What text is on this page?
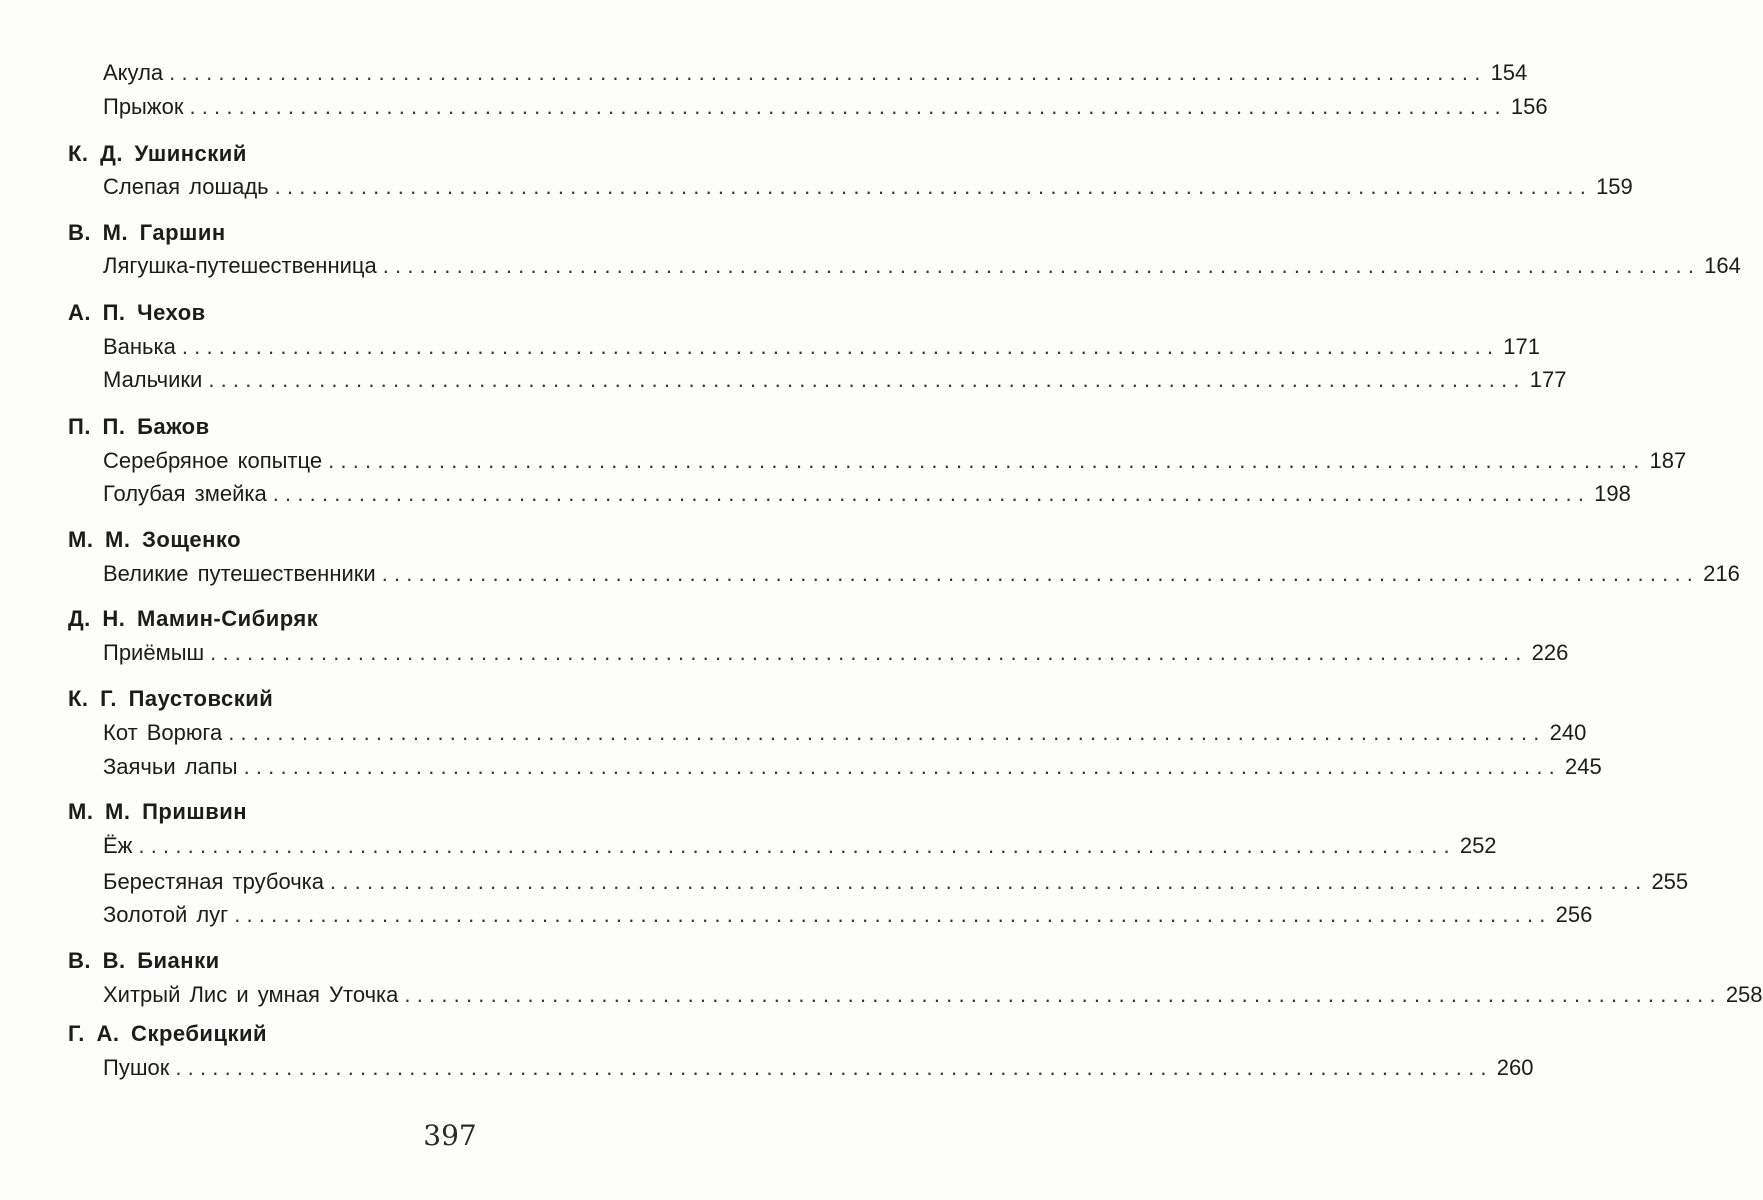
Акула ........................................................................................................... 154
Прыжок ........................................................................................................... 156
К. Д. Ушинский
Слепая лошадь ........................................................................................................... 159
В. М. Гаршин
Лягушка-путешественница ........................................................................................................... 164
А. П. Чехов
Ванька ........................................................................................................... 171
Мальчики ........................................................................................................... 177
П. П. Бажов
Серебряное копытце ........................................................................................................... 187
Голубая змейка ........................................................................................................... 198
М. М. Зощенко
Великие путешественники ........................................................................................................... 216
Д. Н. Мамин-Сибиряк
Приёмыш ........................................................................................................... 226
К. Г. Паустовский
Кот Ворюга ........................................................................................................... 240
Заячьи лапы ........................................................................................................... 245
М. М. Пришвин
Ёж ........................................................................................................... 252
Берестяная трубочка ........................................................................................................... 255
Золотой луг ........................................................................................................... 256
В. В. Бианки
Хитрый Лис и умная Уточка ........................................................................................................... 258
Г. А. Скребицкий
Пушок ........................................................................................................... 260
397
